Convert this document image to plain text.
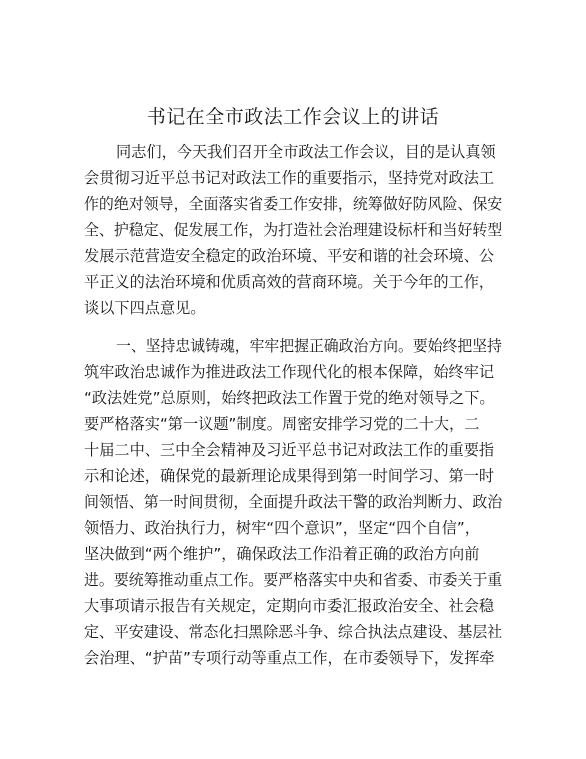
书记在全市政法工作会议上的讲话

同志们，今天我们召开全市政法工作会议，目的是认真领

会贯彻习近平总书记对政法工作的重要指示，坚持党对政法工

作的绝对领导，全面落实省委工作安排，统筹做好防风险、保安

全、护稳定、促发展工作，为打造社会治理建设标杆和当好转型

发展示范营造安全稳定的政治环境、平安和谐的社会环境、公

平正义的法治环境和优质高效的营商环境。关于今年的工作，

谈以下四点意见。

一、坚持忠诚铸魂，牢牢把握正确政治方向。要始终把坚持

筑牢政治忠诚作为推进政法工作现代化的根本保障，始终牢记

“政法姓党”总原则，始终把政法工作置于党的绝对领导之下。

要严格落实“第一议题”制度。周密安排学习党的二十大，二

十届二中、三中全会精神及习近平总书记对政法工作的重要指

示和论述，确保党的最新理论成果得到第一时间学习、第一时

间领悟、第一时间贯彻，全面提升政法干警的政治判断力、政治

领悟力、政治执行力，树牢“四个意识”，坚定“四个自信”，

坚决做到“两个维护”，确保政法工作沿着正确的政治方向前

进。要统筹推动重点工作。要严格落实中央和省委、市委关于重

大事项请示报告有关规定，定期向市委汇报政治安全、社会稳

定、平安建设、常态化扫黑除恶斗争、综合执法点建设、基层社

会治理、“护苗”专项行动等重点工作，在市委领导下，发挥牵
